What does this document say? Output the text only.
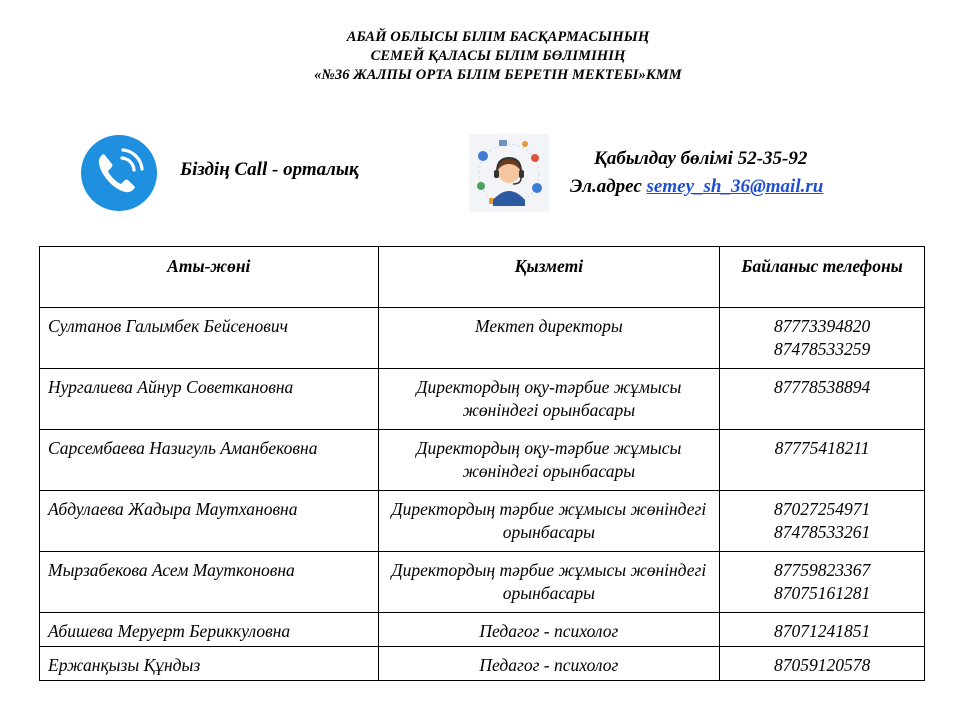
АБАЙ ОБЛЫСЫ БІЛІМ БАСҚАРМАСЫНЫҢ
СЕМЕЙ ҚАЛАСЫ БІЛІМ БӨЛІМІНІҢ
«№36 ЖАЛПЫ ОРТА БІЛІМ БЕРЕТІН МЕКТЕБІ»КММ
Біздің Call - орталық
Қабылдау бөлімі 52-35-92
Эл.адрес semey_sh_36@mail.ru
Аты-жөні	Қызметі	Байланыс телефоны
Султанов Галымбек Бейсенович	Мектеп директоры	87773394820
87478533259

Нургалиева Айнур Советкановна	Директордың оқу-тәрбие жұмысы жөніндегі орынбасары	87778538894

Сарсембаева Назигуль Аманбековна	Директордың оқу-тәрбие жұмысы жөніндегі орынбасары	87775418211

Абдулаева Жадыра Маутхановна	Директордың тәрбие жұмысы жөніндегі орынбасары	87027254971
87478533261

Мырзабекова Асем Маутконовна	Директордың тәрбие жұмысы жөніндегі орынбасары	87759823367
87075161281

Абишева Меруерт Бериккуловна	Педагог - психолог	87071241851

Ержанқызы Құндыз	Педагог - психолог	87059120578
